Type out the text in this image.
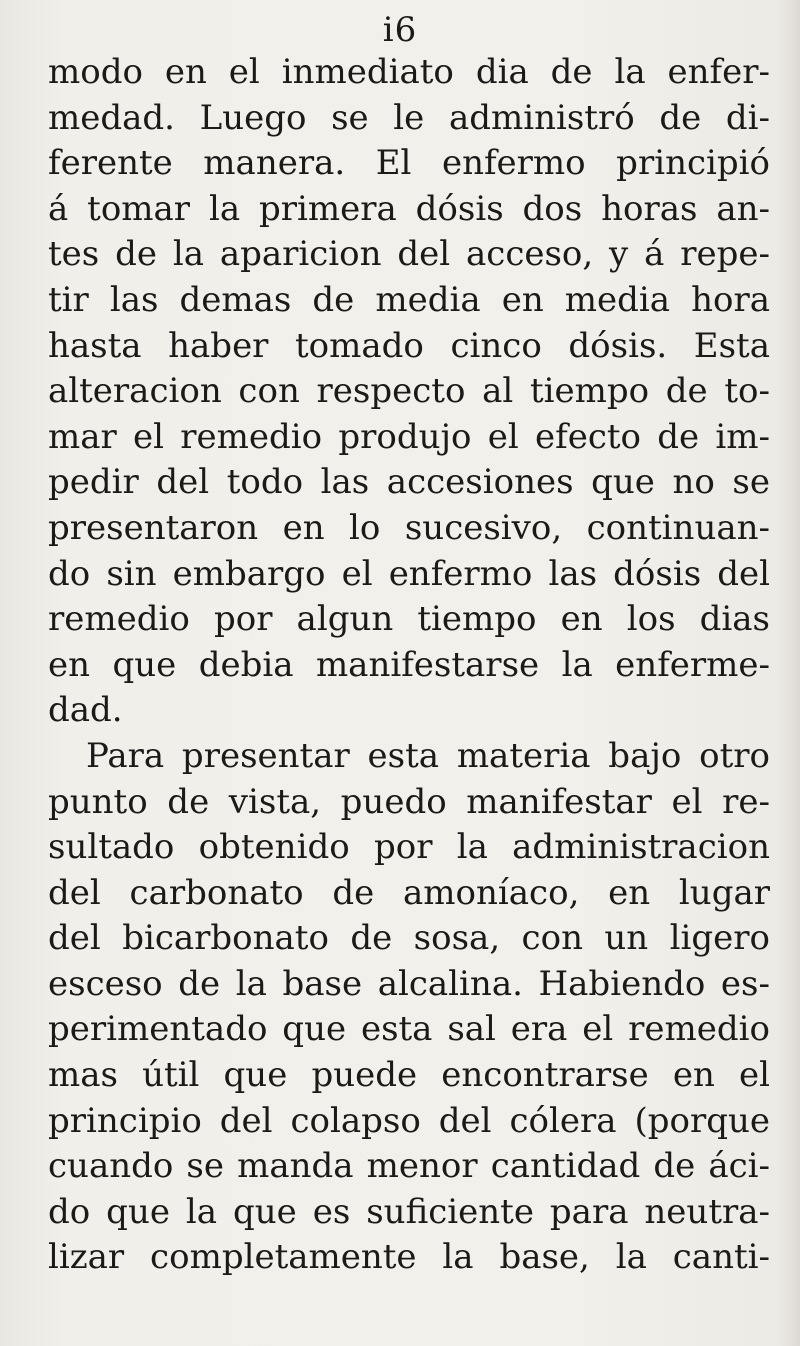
i6
modo en el inmediato dia de la enfer-
medad. Luego se le administró de di-
ferente manera. El enfermo principió
á tomar la primera dósis dos horas an-
tes de la aparicion del acceso, y á repe-
tir las demas de media en media hora
hasta haber tomado cinco dósis. Esta
alteracion con respecto al tiempo de to-
mar el remedio produjo el efecto de im-
pedir del todo las accesiones que no se
presentaron en lo sucesivo, continuan-
do sin embargo el enfermo las dósis del
remedio por algun tiempo en los dias
en que debia manifestarse la enferme-
dad.
Para presentar esta materia bajo otro
punto de vista, puedo manifestar el re-
sultado obtenido por la administracion
del carbonato de amoníaco, en lugar
del bicarbonato de sosa, con un ligero
esceso de la base alcalina. Habiendo es-
perimentado que esta sal era el remedio
mas útil que puede encontrarse en el
principio del colapso del cólera (porque
cuando se manda menor cantidad de áci-
do que la que es suficiente para neutra-
lizar completamente la base, la canti-
